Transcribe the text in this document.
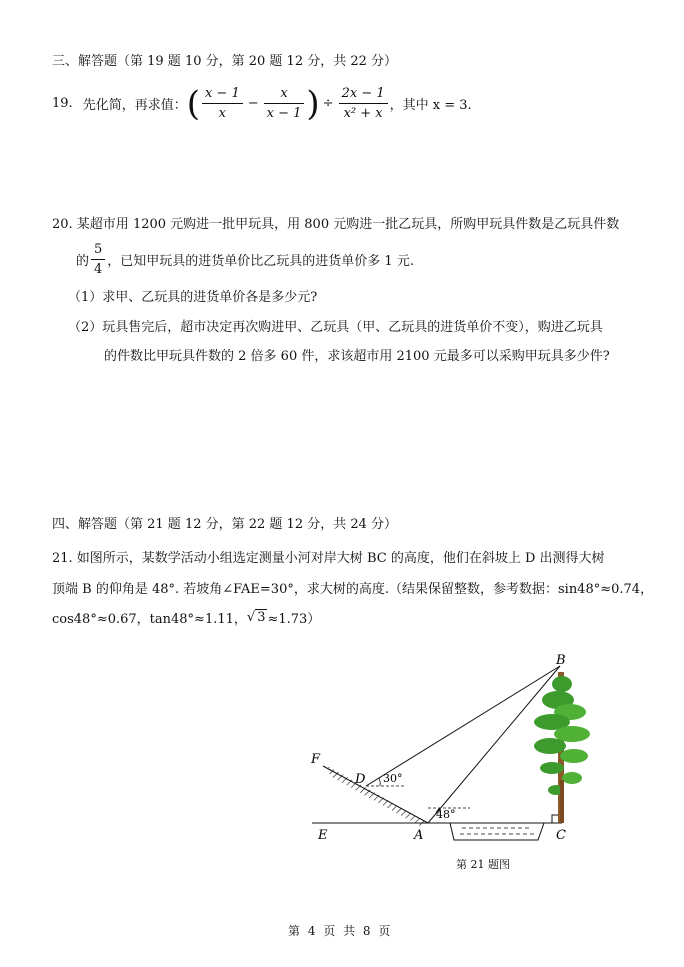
三、解答题（第 19 题 10 分，第 20 题 12 分，共 22 分）
19. 先化简，再求值： ( $\frac{x - 1}{x} - \frac{x}{x - 1}$ ) ÷ $\frac{2x - 1}{\text{x² + x}}$ ，其中 x = 3.
20. 某超市用 1200 元购进一批甲玩具，用 800 元购进一批乙玩具，所购甲玩具件数是乙玩具件数
的 $\frac{5}{4}$ ，已知甲玩具的进货单价比乙玩具的进货单价多 1 元.
（1）求甲、乙玩具的进货单价各是多少元?
（2）玩具售完后，超市决定再次购进甲、乙玩具（甲、乙玩具的进货单价不变），购进乙玩具
的件数比甲玩具件数的 2 倍多 60 件，求该超市用 2100 元最多可以采购甲玩具多少件?
四、解答题（第 21 题 12 分，第 22 题 12 分，共 24 分）
21. 如图所示，某数学活动小组选定测量小河对岸大树 BC 的高度，他们在斜坡上 D 出测得大树
顶端 B 的仰角是 48°. 若坡角∠FAE=30°，求大树的高度.（结果保留整数，参考数据：sin48°≈0.74，
cos48°≈0.67，tan48°≈1.11， √ 3 ≈1.73）
B
F
D 30°
48°
E	A	C
第 21 题图
第 4 页 共 8 页
